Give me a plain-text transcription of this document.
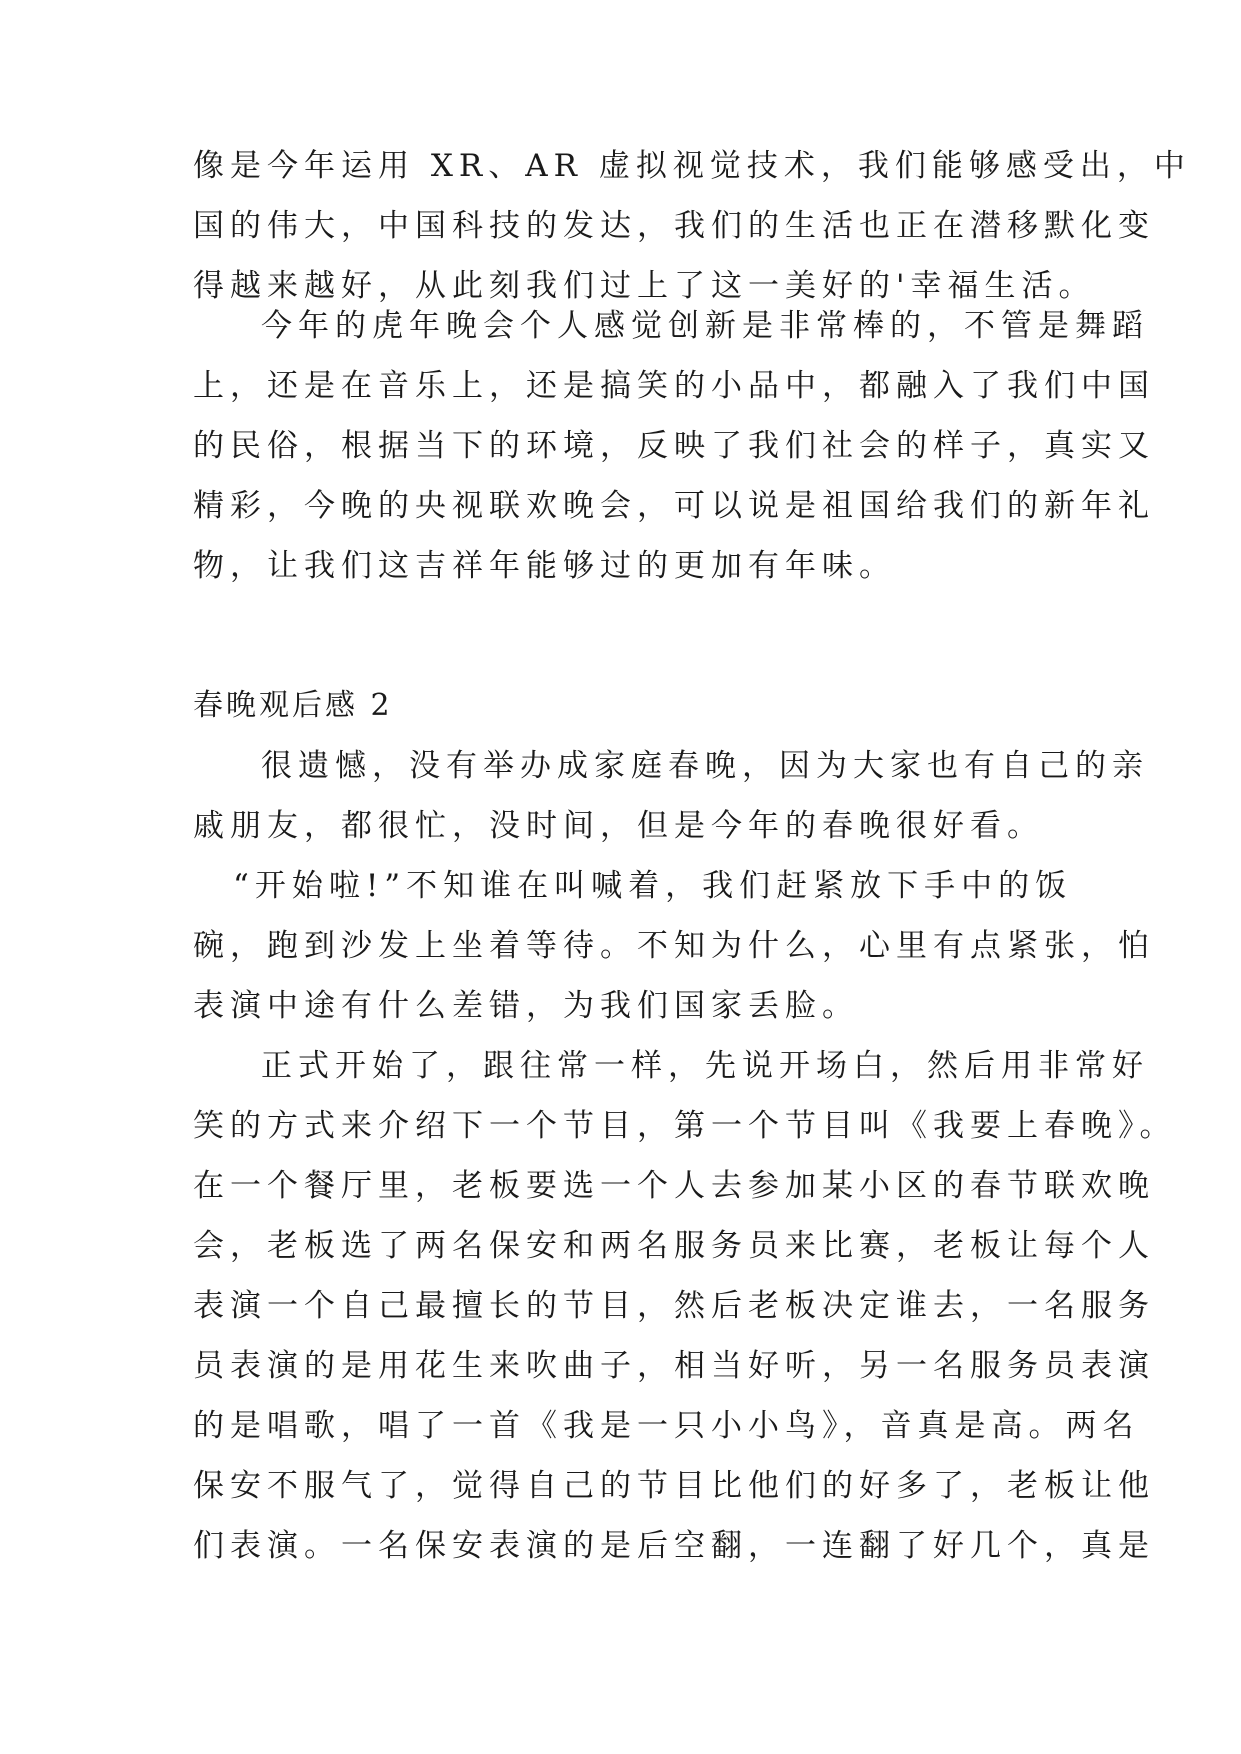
像是今年运用 XR、AR 虚拟视觉技术，我们能够感受出，中
国的伟大，中国科技的发达，我们的生活也正在潜移默化变
得越来越好，从此刻我们过上了这一美好的'幸福生活。
今年的虎年晚会个人感觉创新是非常棒的，不管是舞蹈
上，还是在音乐上，还是搞笑的小品中，都融入了我们中国
的民俗，根据当下的环境，反映了我们社会的样子，真实又
精彩，今晚的央视联欢晚会，可以说是祖国给我们的新年礼
物，让我们这吉祥年能够过的更加有年味。
春晚观后感 2
很遗憾，没有举办成家庭春晚，因为大家也有自己的亲
戚朋友，都很忙，没时间，但是今年的春晚很好看。
“开始啦!”不知谁在叫喊着，我们赶紧放下手中的饭
碗，跑到沙发上坐着等待。不知为什么，心里有点紧张，怕
表演中途有什么差错，为我们国家丢脸。
正式开始了，跟往常一样，先说开场白，然后用非常好
笑的方式来介绍下一个节目，第一个节目叫《我要上春晚》。
在一个餐厅里，老板要选一个人去参加某小区的春节联欢晚
会，老板选了两名保安和两名服务员来比赛，老板让每个人
表演一个自己最擅长的节目，然后老板决定谁去，一名服务
员表演的是用花生来吹曲子，相当好听，另一名服务员表演
的是唱歌，唱了一首《我是一只小小鸟》，音真是高。两名
保安不服气了，觉得自己的节目比他们的好多了，老板让他
们表演。一名保安表演的是后空翻，一连翻了好几个，真是
